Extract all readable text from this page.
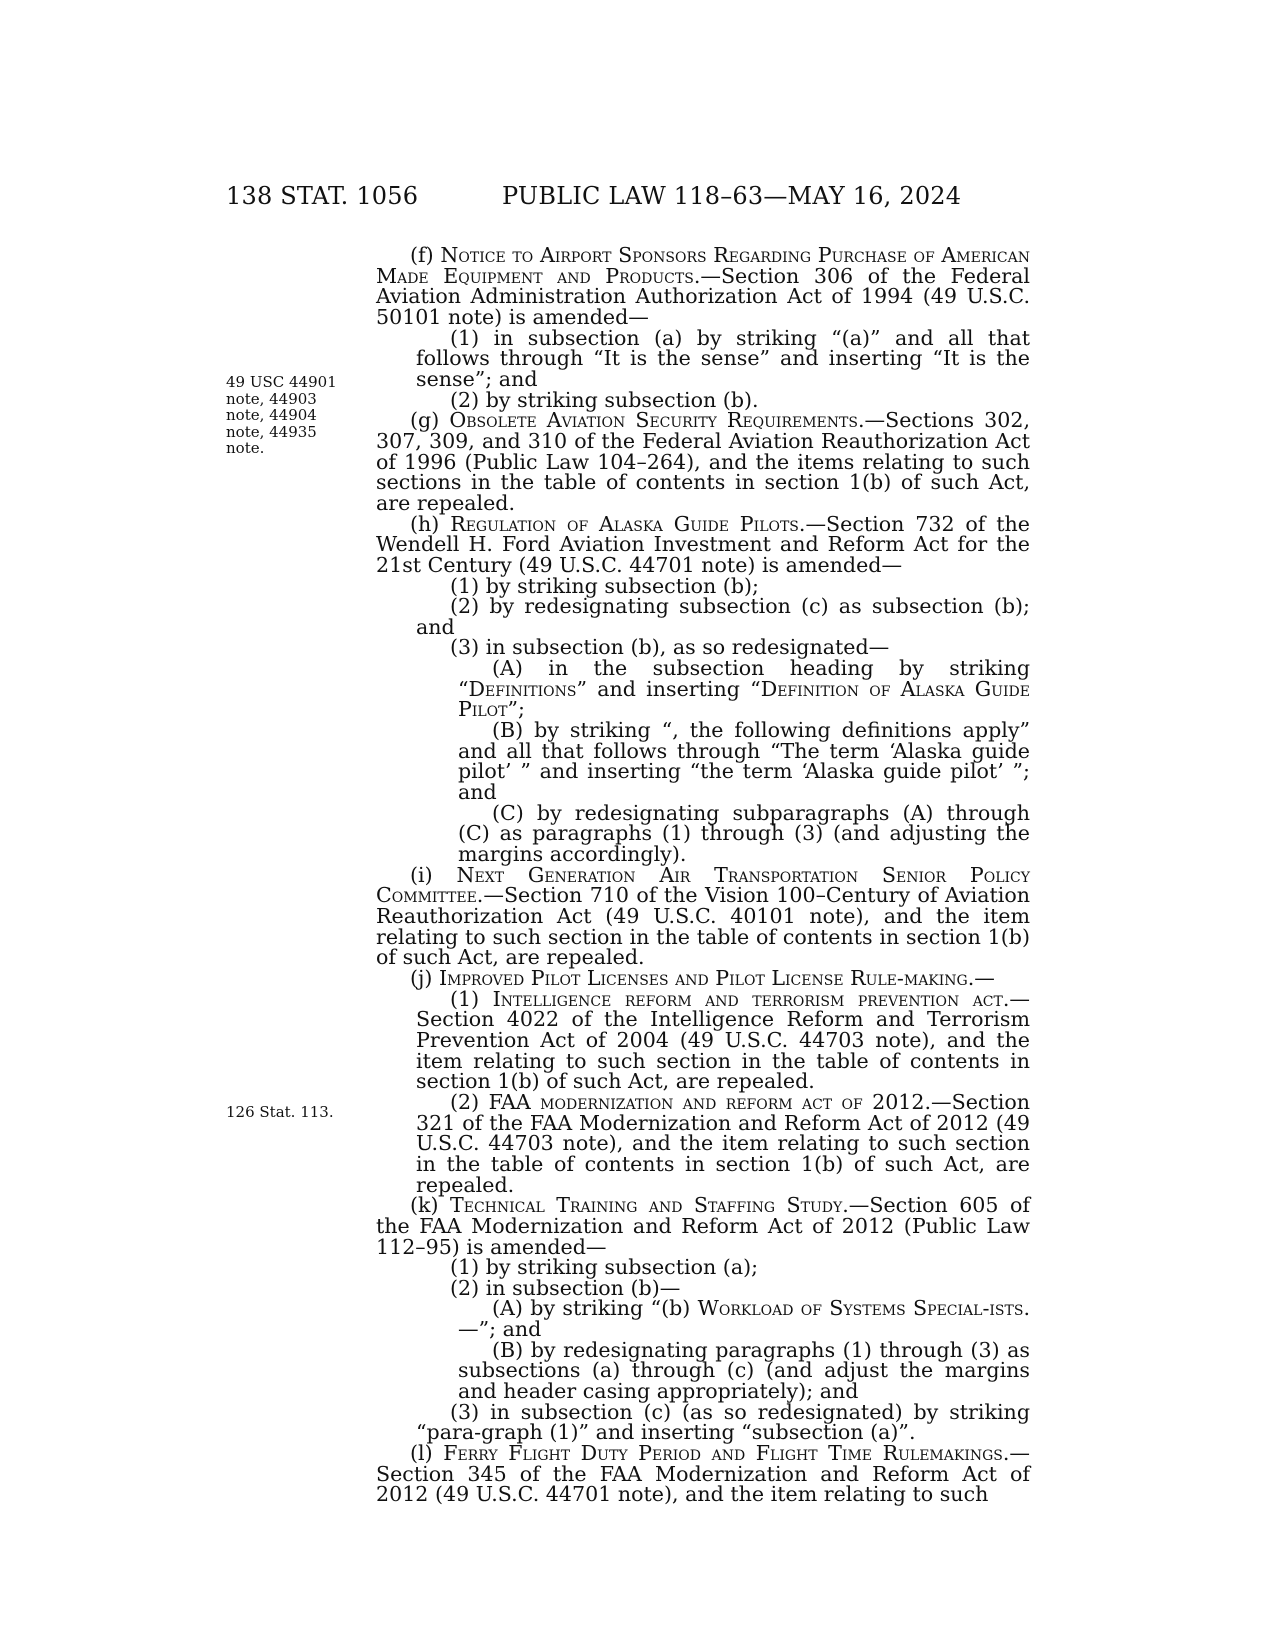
138 STAT. 1056	PUBLIC LAW 118–63—MAY 16, 2024
49 USC 44901 note, 44903 note, 44904 note, 44935 note.
126 Stat. 113.

(f) Notice to Airport Sponsors Regarding Purchase of American Made Equipment and Products.—Section 306 of the Federal Aviation Administration Authorization Act of 1994 (49 U.S.C. 50101 note) is amended—

(1) in subsection (a) by striking “(a)” and all that follows through “It is the sense” and inserting “It is the sense”; and

(2) by striking subsection (b).

(g) Obsolete Aviation Security Requirements.—Sections 302, 307, 309, and 310 of the Federal Aviation Reauthorization Act of 1996 (Public Law 104–264), and the items relating to such sections in the table of contents in section 1(b) of such Act, are repealed.

(h) Regulation of Alaska Guide Pilots.—Section 732 of the Wendell H. Ford Aviation Investment and Reform Act for the 21st Century (49 U.S.C. 44701 note) is amended—

(1) by striking subsection (b);

(2) by redesignating subsection (c) as subsection (b); and

(3) in subsection (b), as so redesignated—

(A) in the subsection heading by striking “Definitions” and inserting “Definition of Alaska Guide Pilot”;

(B) by striking “, the following definitions apply” and all that follows through “The term ‘Alaska guide pilot’ ” and inserting “the term ‘Alaska guide pilot’ ”; and

(C) by redesignating subparagraphs (A) through (C) as paragraphs (1) through (3) (and adjusting the margins accordingly).

(i) Next Generation Air Transportation Senior Policy Committee.—Section 710 of the Vision 100–Century of Aviation Reauthorization Act (49 U.S.C. 40101 note), and the item relating to such section in the table of contents in section 1(b) of such Act, are repealed.

(j) Improved Pilot Licenses and Pilot License Rule-making.—

(1) Intelligence reform and terrorism prevention act.—Section 4022 of the Intelligence Reform and Terrorism Prevention Act of 2004 (49 U.S.C. 44703 note), and the item relating to such section in the table of contents in section 1(b) of such Act, are repealed.

(2) FAA modernization and reform act of 2012.—Section 321 of the FAA Modernization and Reform Act of 2012 (49 U.S.C. 44703 note), and the item relating to such section in the table of contents in section 1(b) of such Act, are repealed.

(k) Technical Training and Staffing Study.—Section 605 of the FAA Modernization and Reform Act of 2012 (Public Law 112–95) is amended—

(1) by striking subsection (a);

(2) in subsection (b)—

(A) by striking “(b) Workload of Systems Special-ists.—”; and

(B) by redesignating paragraphs (1) through (3) as subsections (a) through (c) (and adjust the margins and header casing appropriately); and

(3) in subsection (c) (as so redesignated) by striking “para-graph (1)” and inserting “subsection (a)”.

(l) Ferry Flight Duty Period and Flight Time Rulemakings.—Section 345 of the FAA Modernization and Reform Act of 2012 (49 U.S.C. 44701 note), and the item relating to such
